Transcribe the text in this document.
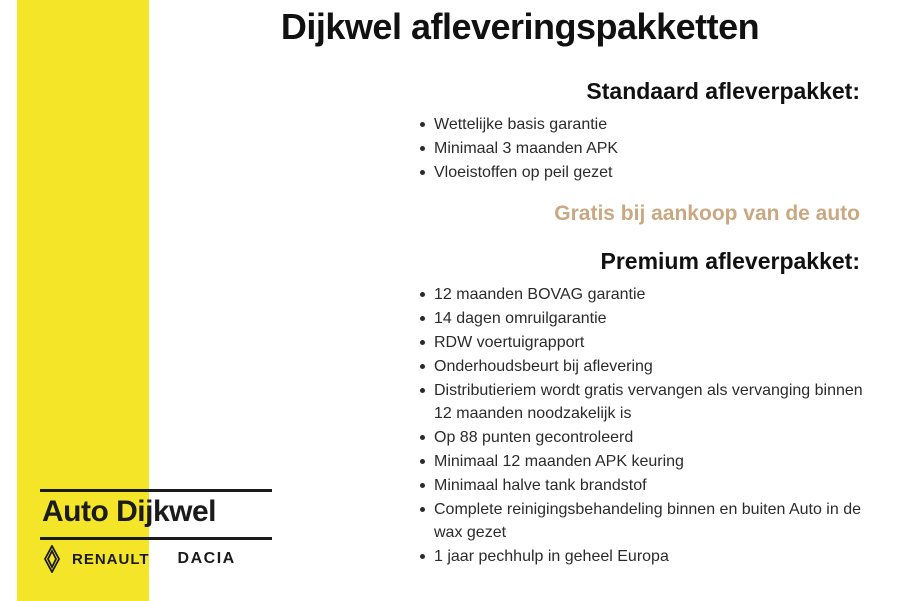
Auto Dijkwel
RENAULT DACIA
Dijkwel afleveringspakketten
Standaard afleverpakket:
Wettelijke basis garantie
Minimaal 3 maanden APK
Vloeistoffen op peil gezet
Gratis bij aankoop van de auto
Premium afleverpakket:
12 maanden BOVAG garantie
14 dagen omruilgarantie
RDW voertuigrapport
Onderhoudsbeurt bij aflevering
Distributieriem wordt gratis vervangen als vervanging binnen 12 maanden noodzakelijk is
Op 88 punten gecontroleerd
Minimaal 12 maanden APK keuring
Minimaal halve tank brandstof
Complete reinigingsbehandeling binnen en buiten Auto in de wax gezet
1 jaar pechhulp in geheel Europa
